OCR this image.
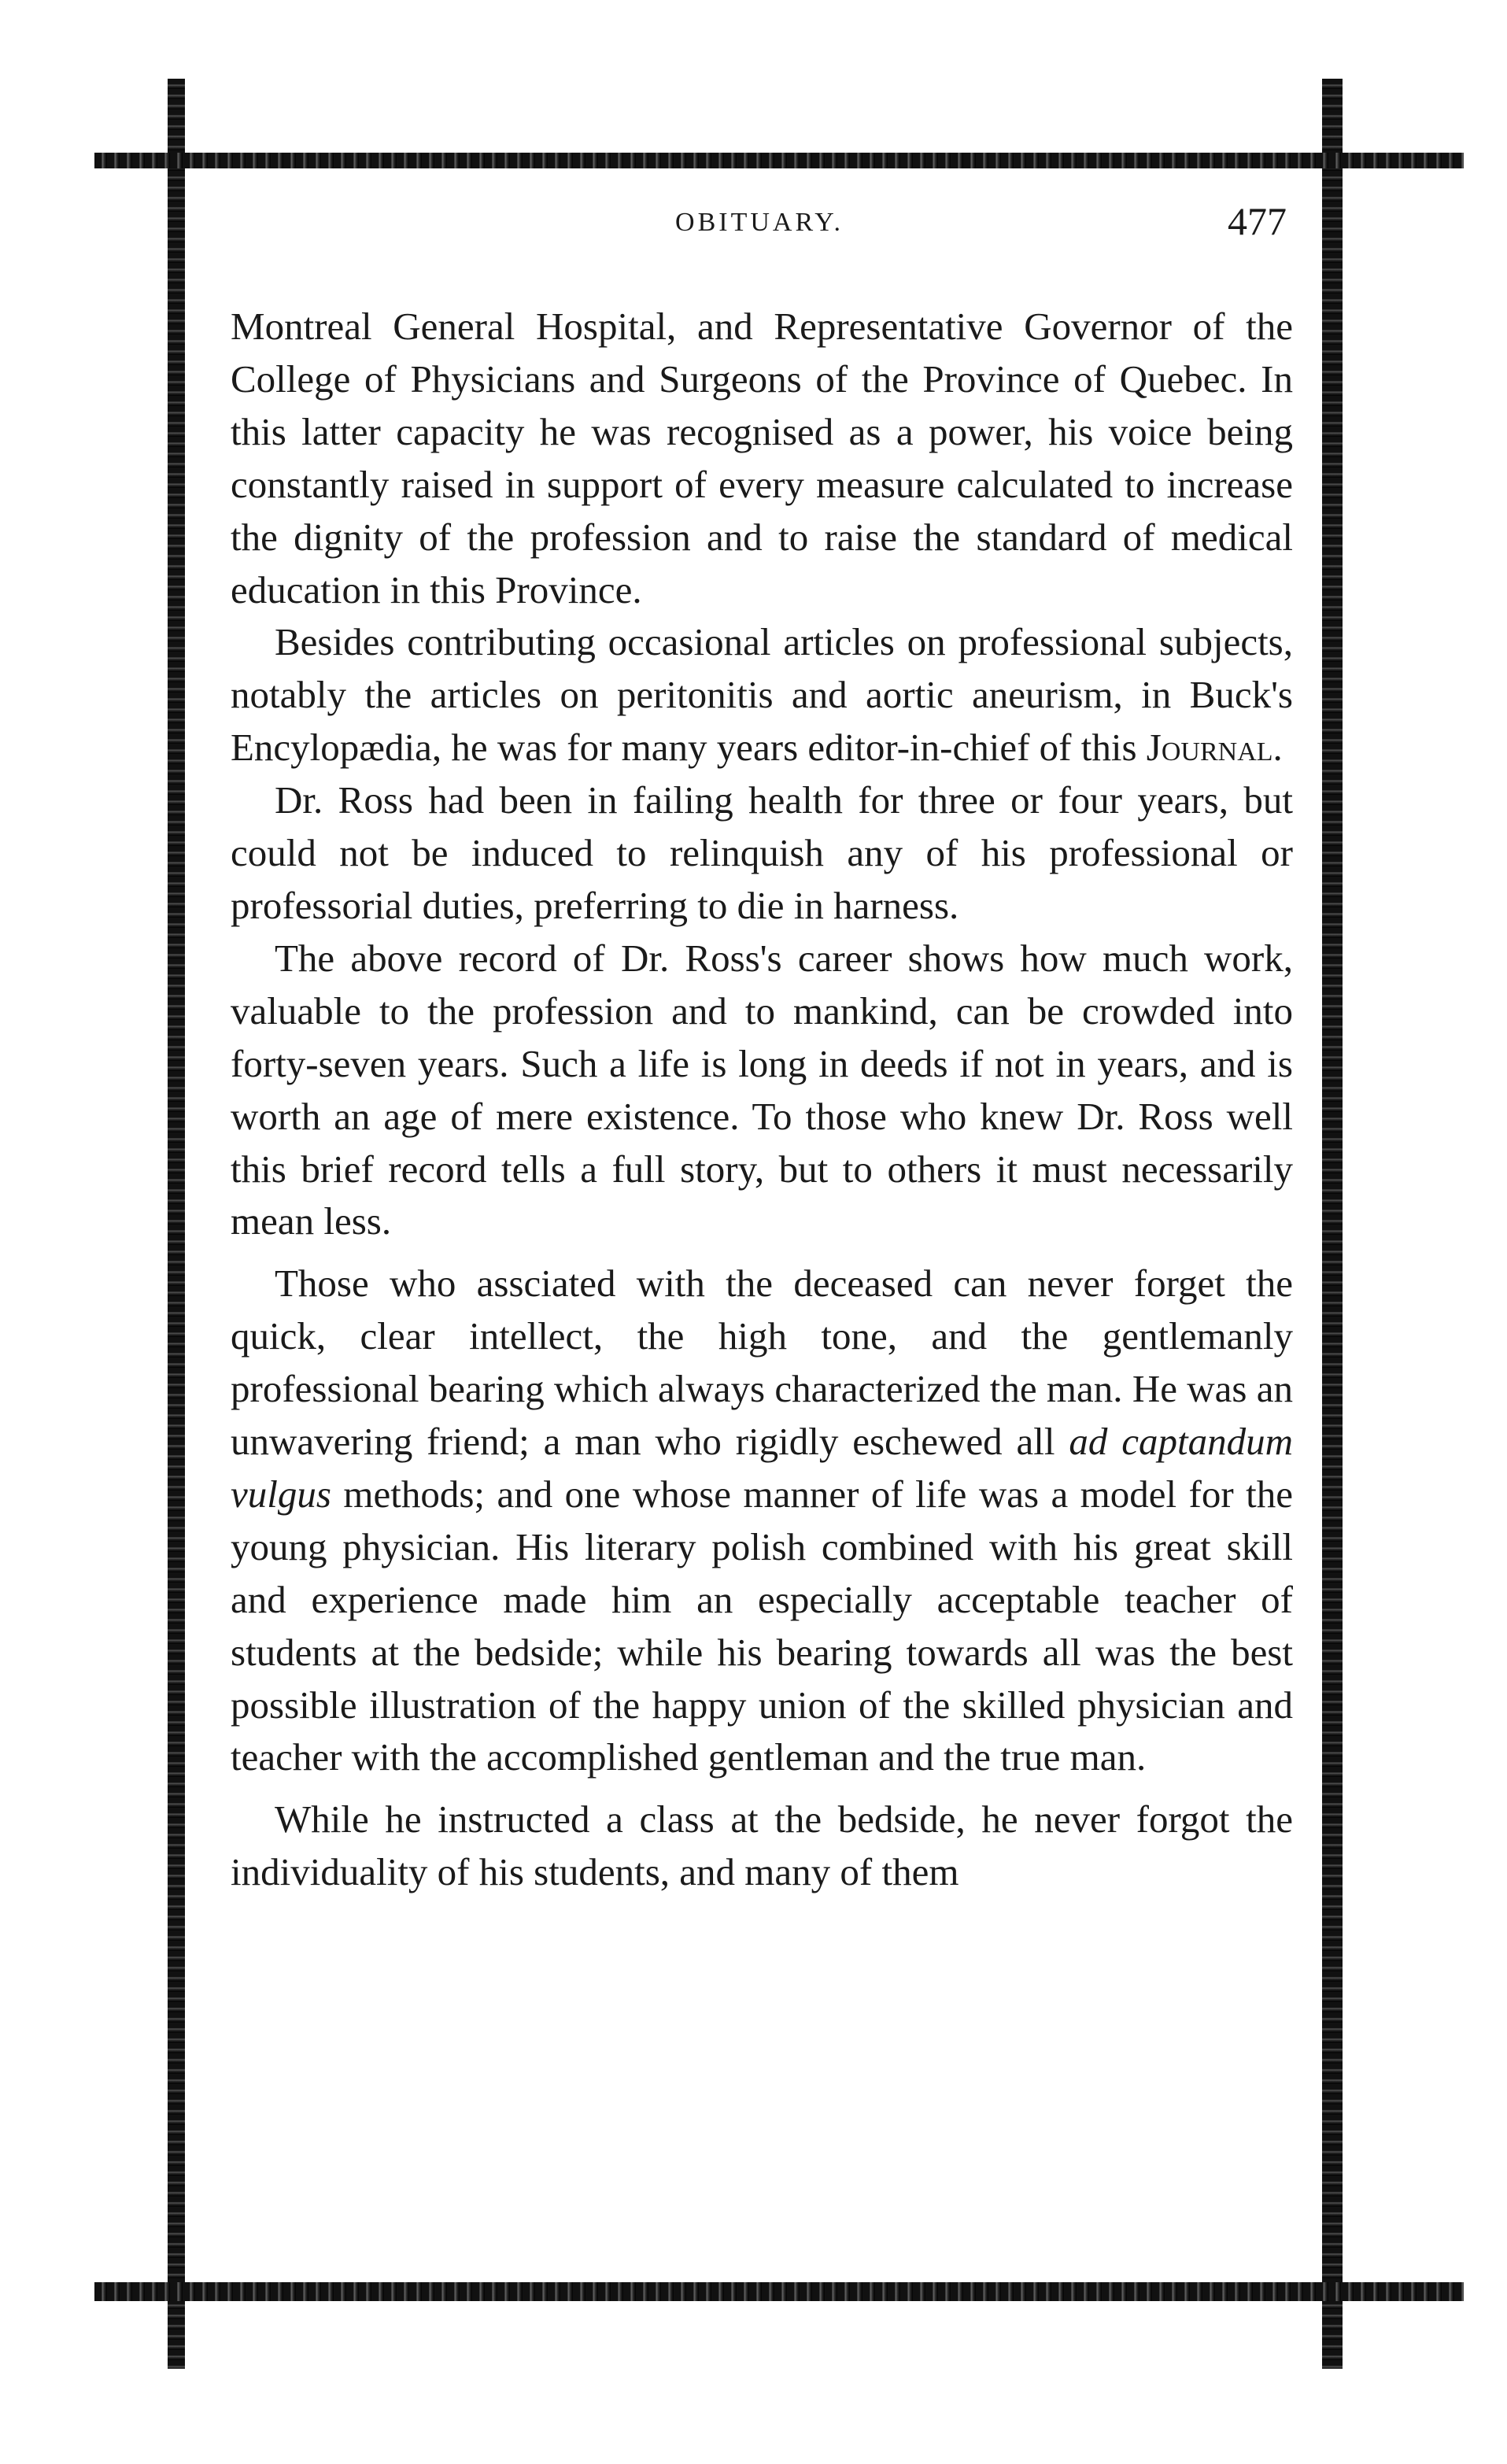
OBITUARY.	477

Montreal General Hospital, and Representative Governor of the College of Physicians and Surgeons of the Province of Quebec. In this latter capacity he was recognised as a power, his voice being constantly raised in support of every measure calculated to increase the dignity of the profession and to raise the standard of medical education in this Province.

Besides contributing occasional articles on professional subjects, notably the articles on peritonitis and aortic aneurism, in Buck's Encylopædia, he was for many years editor-in-chief of this Journal.

Dr. Ross had been in failing health for three or four years, but could not be induced to relinquish any of his professional or professorial duties, preferring to die in harness.

The above record of Dr. Ross's career shows how much work, valuable to the profession and to mankind, can be crowded into forty-seven years. Such a life is long in deeds if not in years, and is worth an age of mere existence. To those who knew Dr. Ross well this brief record tells a full story, but to others it must necessarily mean less.

Those who assciated with the deceased can never forget the quick, clear intellect, the high tone, and the gentlemanly professional bearing which always characterized the man. He was an unwavering friend; a man who rigidly eschewed all ad captandum vulgus methods; and one whose manner of life was a model for the young physician. His literary polish combined with his great skill and experience made him an especially acceptable teacher of students at the bedside; while his bearing towards all was the best possible illustration of the happy union of the skilled physician and teacher with the accomplished gentleman and the true man.

While he instructed a class at the bedside, he never forgot the individuality of his students, and many of them
